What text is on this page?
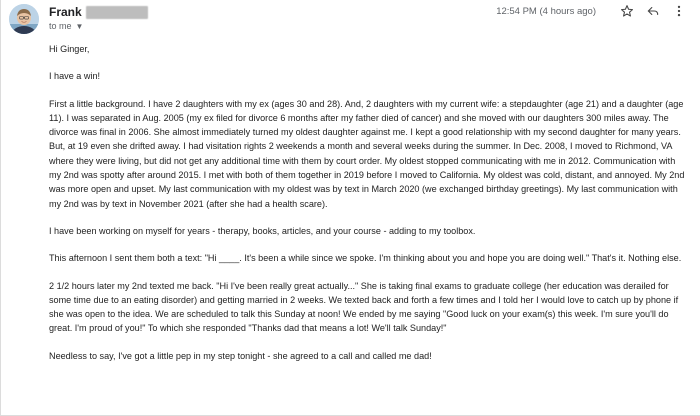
Frank
to me ▼
12:54 PM (4 hours ago)

Hi Ginger,

I have a win!

First a little background. I have 2 daughters with my ex (ages 30 and 28). And, 2 daughters with my current wife: a stepdaughter (age 21) and a daughter (age 11). I was separated in Aug. 2005 (my ex filed for divorce 6 months after my father died of cancer) and she moved with our daughters 300 miles away. The divorce was final in 2006. She almost immediately turned my oldest daughter against me. I kept a good relationship with my second daughter for many years. But, at 19 even she drifted away. I had visitation rights 2 weekends a month and several weeks during the summer. In Dec. 2008, I moved to Richmond, VA where they were living, but did not get any additional time with them by court order. My oldest stopped communicating with me in 2012. Communication with my 2nd was spotty after around 2015. I met with both of them together in 2019 before I moved to California. My oldest was cold, distant, and annoyed. My 2nd was more open and upset. My last communication with my oldest was by text in March 2020 (we exchanged birthday greetings). My last communication with my 2nd was by text in November 2021 (after she had a health scare).

I have been working on myself for years - therapy, books, articles, and your course - adding to my toolbox.

This afternoon I sent them both a text: "Hi ____. It's been a while since we spoke. I'm thinking about you and hope you are doing well." That's it. Nothing else.

2 1/2 hours later my 2nd texted me back. "Hi I've been really great actually..." She is taking final exams to graduate college (her education was derailed for some time due to an eating disorder) and getting married in 2 weeks. We texted back and forth a few times and I told her I would love to catch up by phone if she was open to the idea. We are scheduled to talk this Sunday at noon! We ended by me saying "Good luck on your exam(s) this week. I'm sure you'll do great. I'm proud of you!" To which she responded "Thanks dad that means a lot! We'll talk Sunday!"

Needless to say, I've got a little pep in my step tonight - she agreed to a call and called me dad!
